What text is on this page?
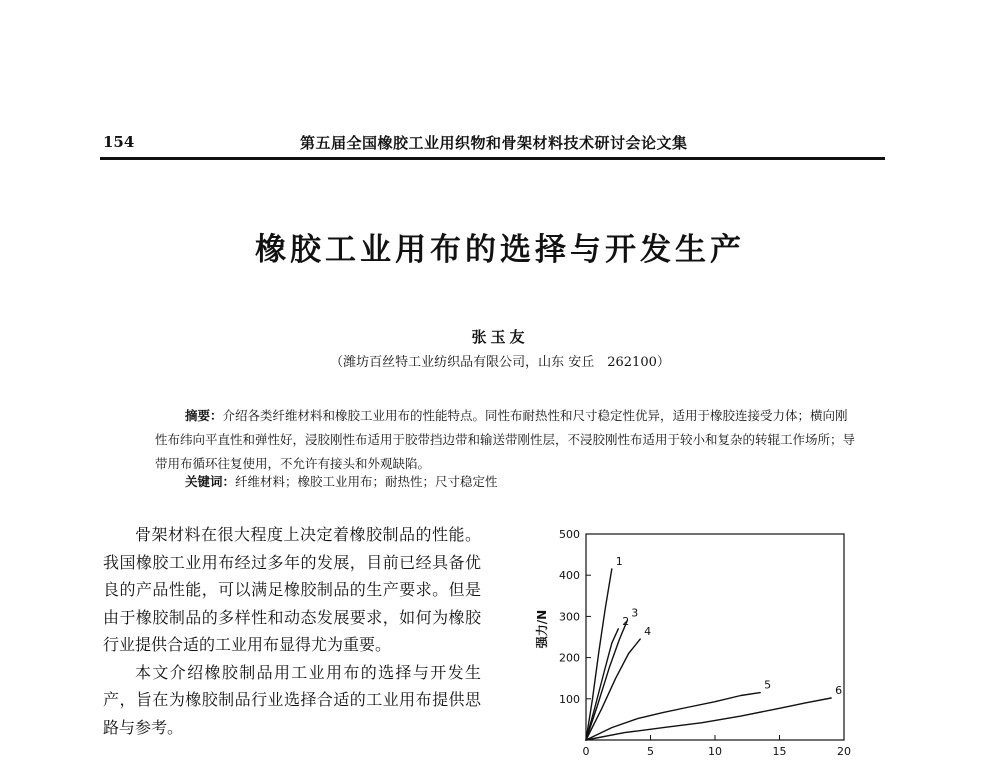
154	第五届全国橡胶工业用织物和骨架材料技术研讨会论文集
橡胶工业用布的选择与开发生产
张玉友
（潍坊百丝特工业纺织品有限公司，山东 安丘　262100）
摘要：介绍各类纤维材料和橡胶工业用布的性能特点。同性布耐热性和尺寸稳定性优异，适用于橡胶连接受力体；横向刚性布纬向平直性和弹性好，浸胶刚性布适用于胶带挡边带和输送带刚性层，不浸胶刚性布适用于较小和复杂的转辊工作场所；导带用布循环往复使用，不允许有接头和外观缺陷。
关键词：纤维材料；橡胶工业用布；耐热性；尺寸稳定性

骨架材料在很大程度上决定着橡胶制品的性能。我国橡胶工业用布经过多年的发展，目前已经具备优良的产品性能，可以满足橡胶制品的生产要求。但是由于橡胶制品的多样性和动态发展要求，如何为橡胶行业提供合适的工业用布显得尤为重要。

本文介绍橡胶制品用工业用布的选择与开发生产，旨在为橡胶制品行业选择合适的工业用布提供思路与参考。

0	5	10	15	20
100
200
300
400
500
强力/N
1
2
3
4
5	6
